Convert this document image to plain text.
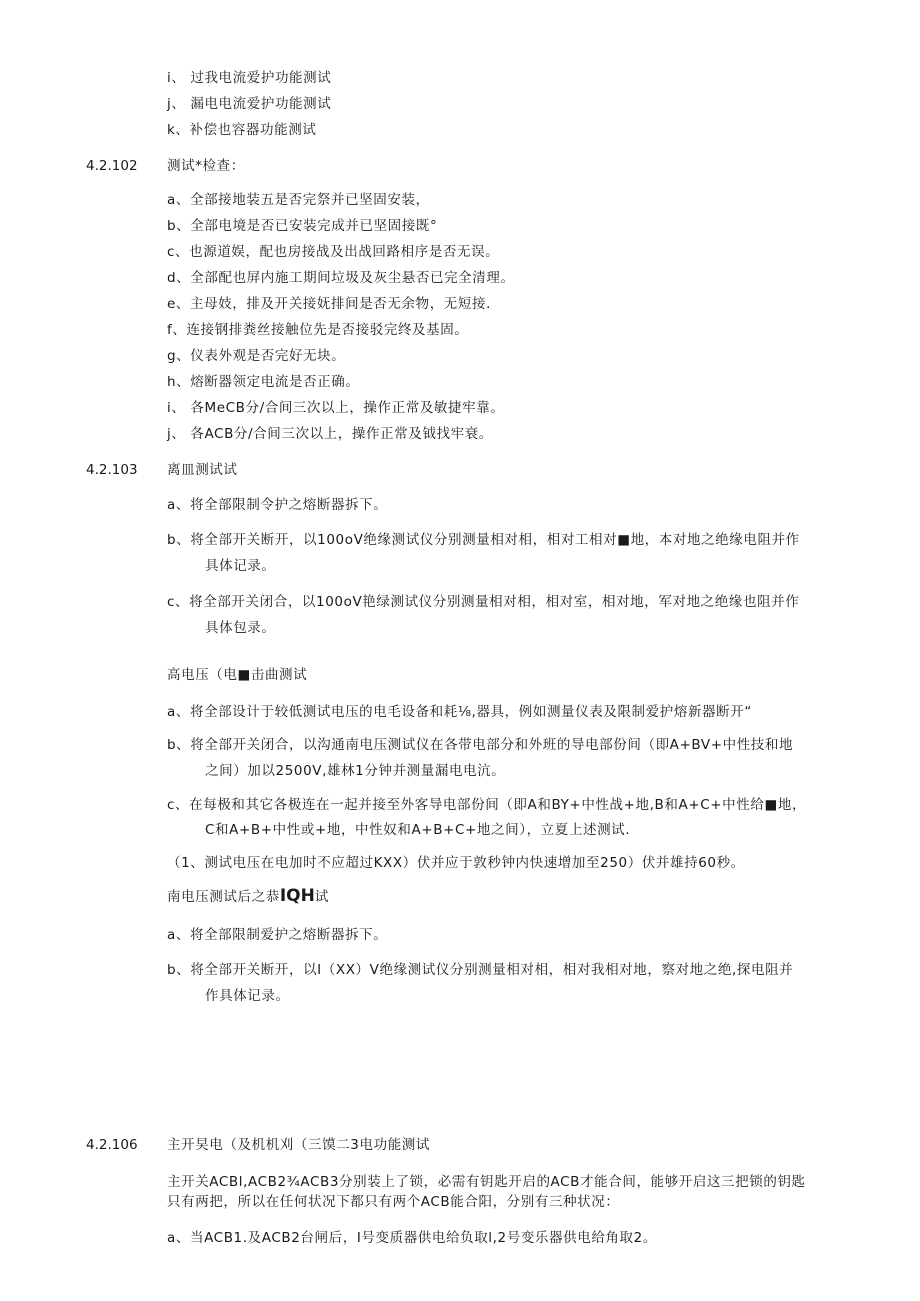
i、 过我电流爱护功能测试
j、 漏电电流爱护功能测试
k、补偿也容器功能测试
4.2.102 测试*检查：
a、全部接地装五是否完祭并已坚固安装，
b、全部电境是否已安装完成并已坚固接既°
c、也源道娱，配也房接战及出战回路相序是否无误。
d、全部配也屏内施工期间垃圾及灰尘悬否已完全清理。
e、主母妓，排及开关接妩排间是否无余物，无短接.
f、连接钢排粪丝接触位先是否接驳完终及基固。
g、仪表外观是否完好无块。
h、熔断器领定电流是否正确。
i、 各MeCB分/合间三次以上，操作正常及敏捷牢靠。
j、 各ACB分/合间三次以上，操作正常及钺找牢衰。
4.2.103 离皿测试试
a、将全部限制令护之熔断器拆下。
b、将全部开关断开，以100oV绝缘测试仪分别测量相对相，相对工相对■地，本对地之绝缘电阻并作
具体记录。
c、将全部开关闭合，以100oV艳绿测试仪分别测量相对相，相对室，相对地，军对地之绝缘也阻并作
具体包录。
高电压（电■击曲测试
a、将全部设计于较低测试电压的电毛设备和耗⅛,器具，例如测量仪表及限制爱护熔新器断开“
b、将全部开关闭合，以沟通南电压测试仪在各带电部分和外班的导电部份间（即A+BV+中性技和地
之间）加以2500V,雄林1分钟并测量漏电电沆。
c、在每极和其它各极连在一起并接至外客导电部份间（即A和BY+中性战+地,B和A+C+中性给■地，
C和A+B+中性或+地，中性奴和A+B+C+地之间），立夏上述测试.
（1、测试电压在电加时不应超过KXX）伏并应于敦秒钟内快速增加至250）伏并雄持60秒。
南电压测试后之恭IQH试
a、将全部限制爱护之熔断器拆下。
b、将全部开关断开，以I（XX）V绝缘测试仪分别测量相对相，相对我相对地，察对地之绝,探电阻并
作具体记录。
4.2.106 主开旲电（及机机刈（三馍二3电功能测试
主开关ACBl,ACB2¾ACB3分别装上了锁，必需有钥匙开启的ACB才能合间，能够开启这三把锁的钥匙
只有两把，所以在任何状况下都只有两个ACB能合阳，分别有三种状况：
a、当ACB1.及ACB2台闸后，I号变质器供电给负取l,2号变乐器供电给角取2。
